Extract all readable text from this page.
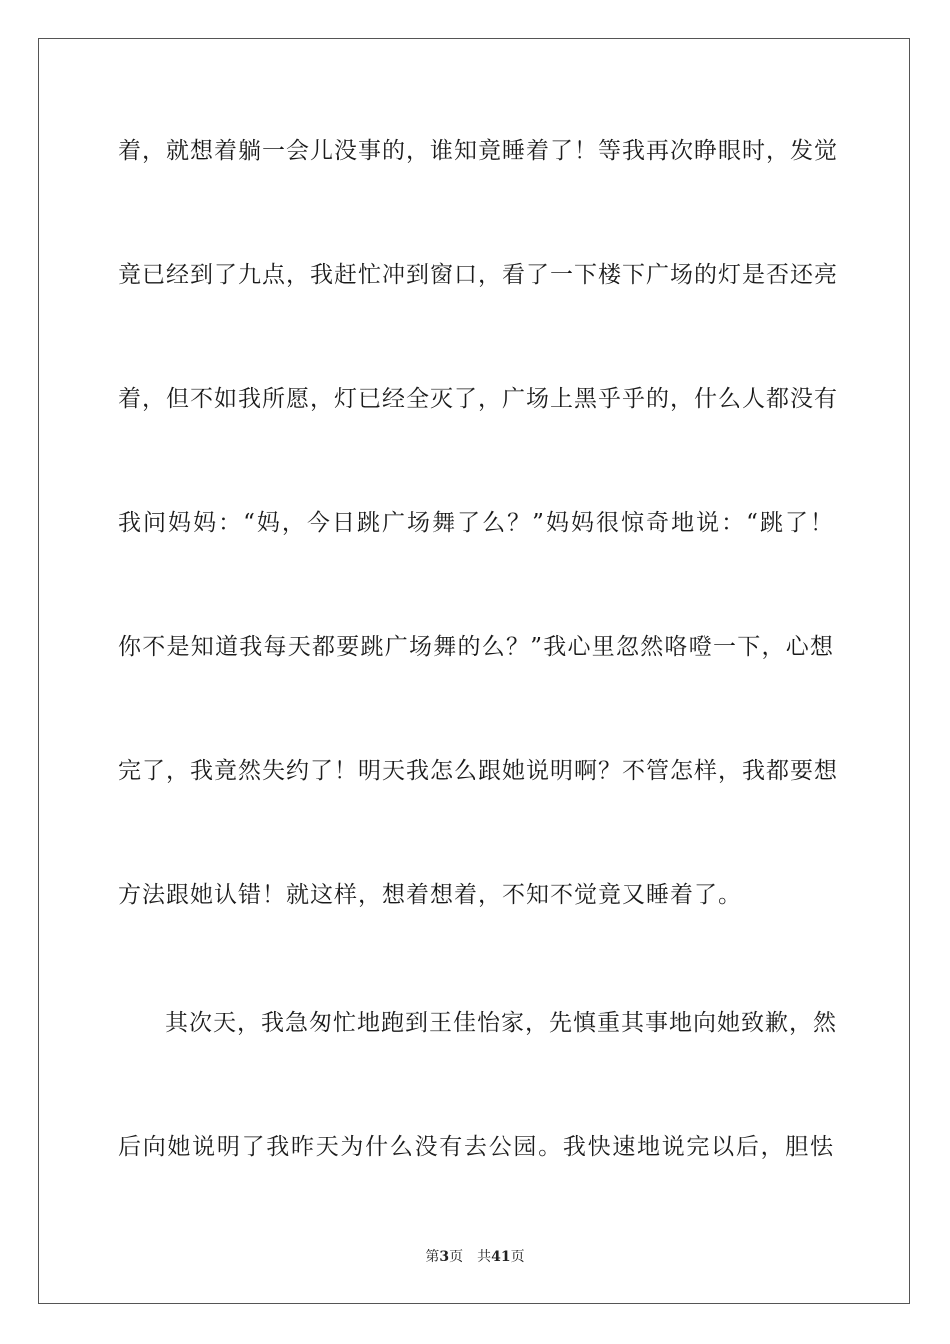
着，就想着躺一会儿没事的，谁知竟睡着了！等我再次睁眼时，发觉
竟已经到了九点，我赶忙冲到窗口，看了一下楼下广场的灯是否还亮
着，但不如我所愿，灯已经全灭了，广场上黑乎乎的，什么人都没有
我问妈妈：“妈，今日跳广场舞了么？”妈妈很惊奇地说：“跳了！
你不是知道我每天都要跳广场舞的么？”我心里忽然咯噔一下，心想
完了，我竟然失约了！明天我怎么跟她说明啊？不管怎样，我都要想
方法跟她认错！就这样，想着想着，不知不觉竟又睡着了。
其次天，我急匆忙地跑到王佳怡家，先慎重其事地向她致歉，然
后向她说明了我昨天为什么没有去公园。我快速地说完以后，胆怯
第3页 共41页
